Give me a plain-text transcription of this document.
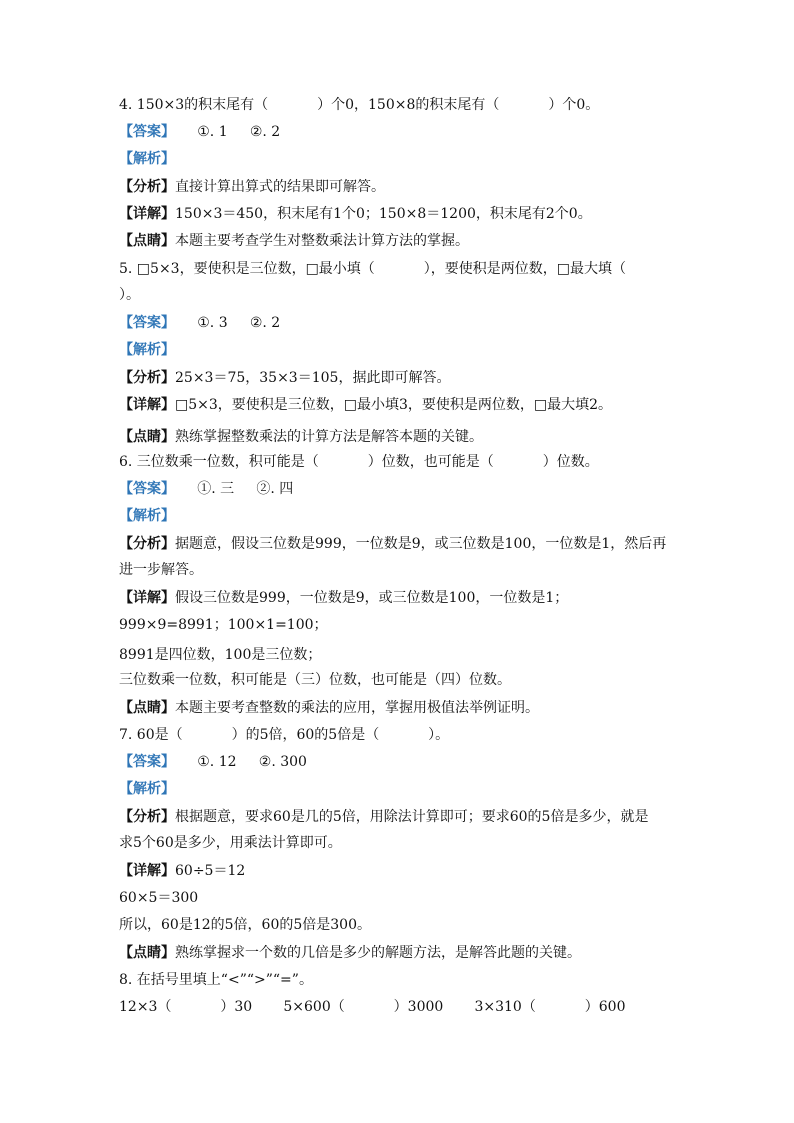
4. 150×3的积末尾有（           ）个0，150×8的积末尾有（           ）个0。
【答案】     ①. 1     ②. 2
【解析】
【分析】直接计算出算式的结果即可解答。
【详解】150×3＝450，积末尾有1个0；150×8＝1200，积末尾有2个0。
【点睛】本题主要考查学生对整数乘法计算方法的掌握。
5. □5×3，要使积是三位数，□最小填（           ），要使积是两位数，□最大填（
）。
【答案】     ①. 3     ②. 2
【解析】
【分析】25×3＝75，35×3＝105，据此即可解答。
【详解】□5×3，要使积是三位数，□最小填3，要使积是两位数，□最大填2。
【点睛】熟练掌握整数乘法的计算方法是解答本题的关键。
6. 三位数乘一位数，积可能是（           ）位数，也可能是（           ）位数。
【答案】     ①. 三     ②. 四
【解析】
【分析】据题意，假设三位数是999，一位数是9，或三位数是100，一位数是1，然后再
进一步解答。
【详解】假设三位数是999，一位数是9，或三位数是100，一位数是1；
999×9=8991；100×1=100；
8991是四位数，100是三位数；
三位数乘一位数，积可能是（三）位数，也可能是（四）位数。
【点睛】本题主要考查整数的乘法的应用，掌握用极值法举例证明。
7. 60是（           ）的5倍，60的5倍是（           ）。
【答案】     ①. 12     ②. 300
【解析】
【分析】根据题意，要求60是几的5倍，用除法计算即可；要求60的5倍是多少，就是
求5个60是多少，用乘法计算即可。
【详解】60÷5＝12
60×5＝300
所以，60是12的5倍，60的5倍是300。
【点睛】熟练掌握求一个数的几倍是多少的解题方法，是解答此题的关键。
8. 在括号里填上“<”“>”“=”。
12×3（           ）30       5×600（           ）3000       3×310（           ）600
